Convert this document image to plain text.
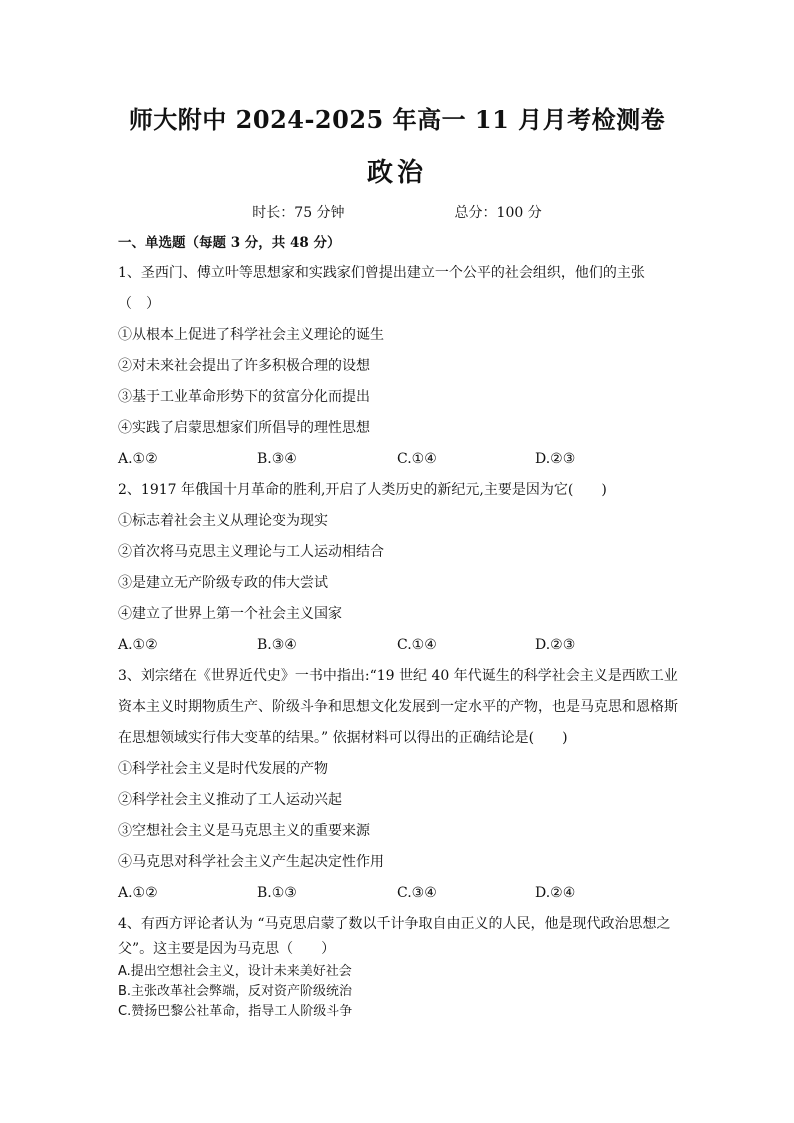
师大附中 2024-2025 年高一 11 月月考检测卷
政治
时长：75 分钟	总分：100 分
一、单选题（每题 3 分，共 48 分）
1、圣西门、傅立叶等思想家和实践家们曾提出建立一个公平的社会组织，他们的主张
（　）
①从根本上促进了科学社会主义理论的诞生
②对未来社会提出了许多积极合理的设想
③基于工业革命形势下的贫富分化而提出
④实践了启蒙思想家们所倡导的理性思想
A.①②	B.③④	C.①④	D.②③
2、1917 年俄国十月革命的胜利,开启了人类历史的新纪元,主要是因为它(　　)
①标志着社会主义从理论变为现实
②首次将马克思主义理论与工人运动相结合
③是建立无产阶级专政的伟大尝试
④建立了世界上第一个社会主义国家
A.①②	B.③④	C.①④	D.②③
3、刘宗绪在《世界近代史》一书中指出:“19 世纪 40 年代诞生的科学社会主义是西欧工业
资本主义时期物质生产、阶级斗争和思想文化发展到一定水平的产物，也是马克思和恩格斯
在思想领域实行伟大变革的结果。” 依据材料可以得出的正确结论是(　　)
①科学社会主义是时代发展的产物
②科学社会主义推动了工人运动兴起
③空想社会主义是马克思主义的重要来源
④马克思对科学社会主义产生起决定性作用
A.①②	B.①③	C.③④	D.②④
4、有西方评论者认为 “马克思启蒙了数以千计争取自由正义的人民，他是现代政治思想之
父”。这主要是因为马克思（　　）
A.提出空想社会主义，设计未来美好社会
B.主张改革社会弊端，反对资产阶级统治
C.赞扬巴黎公社革命，指导工人阶级斗争
